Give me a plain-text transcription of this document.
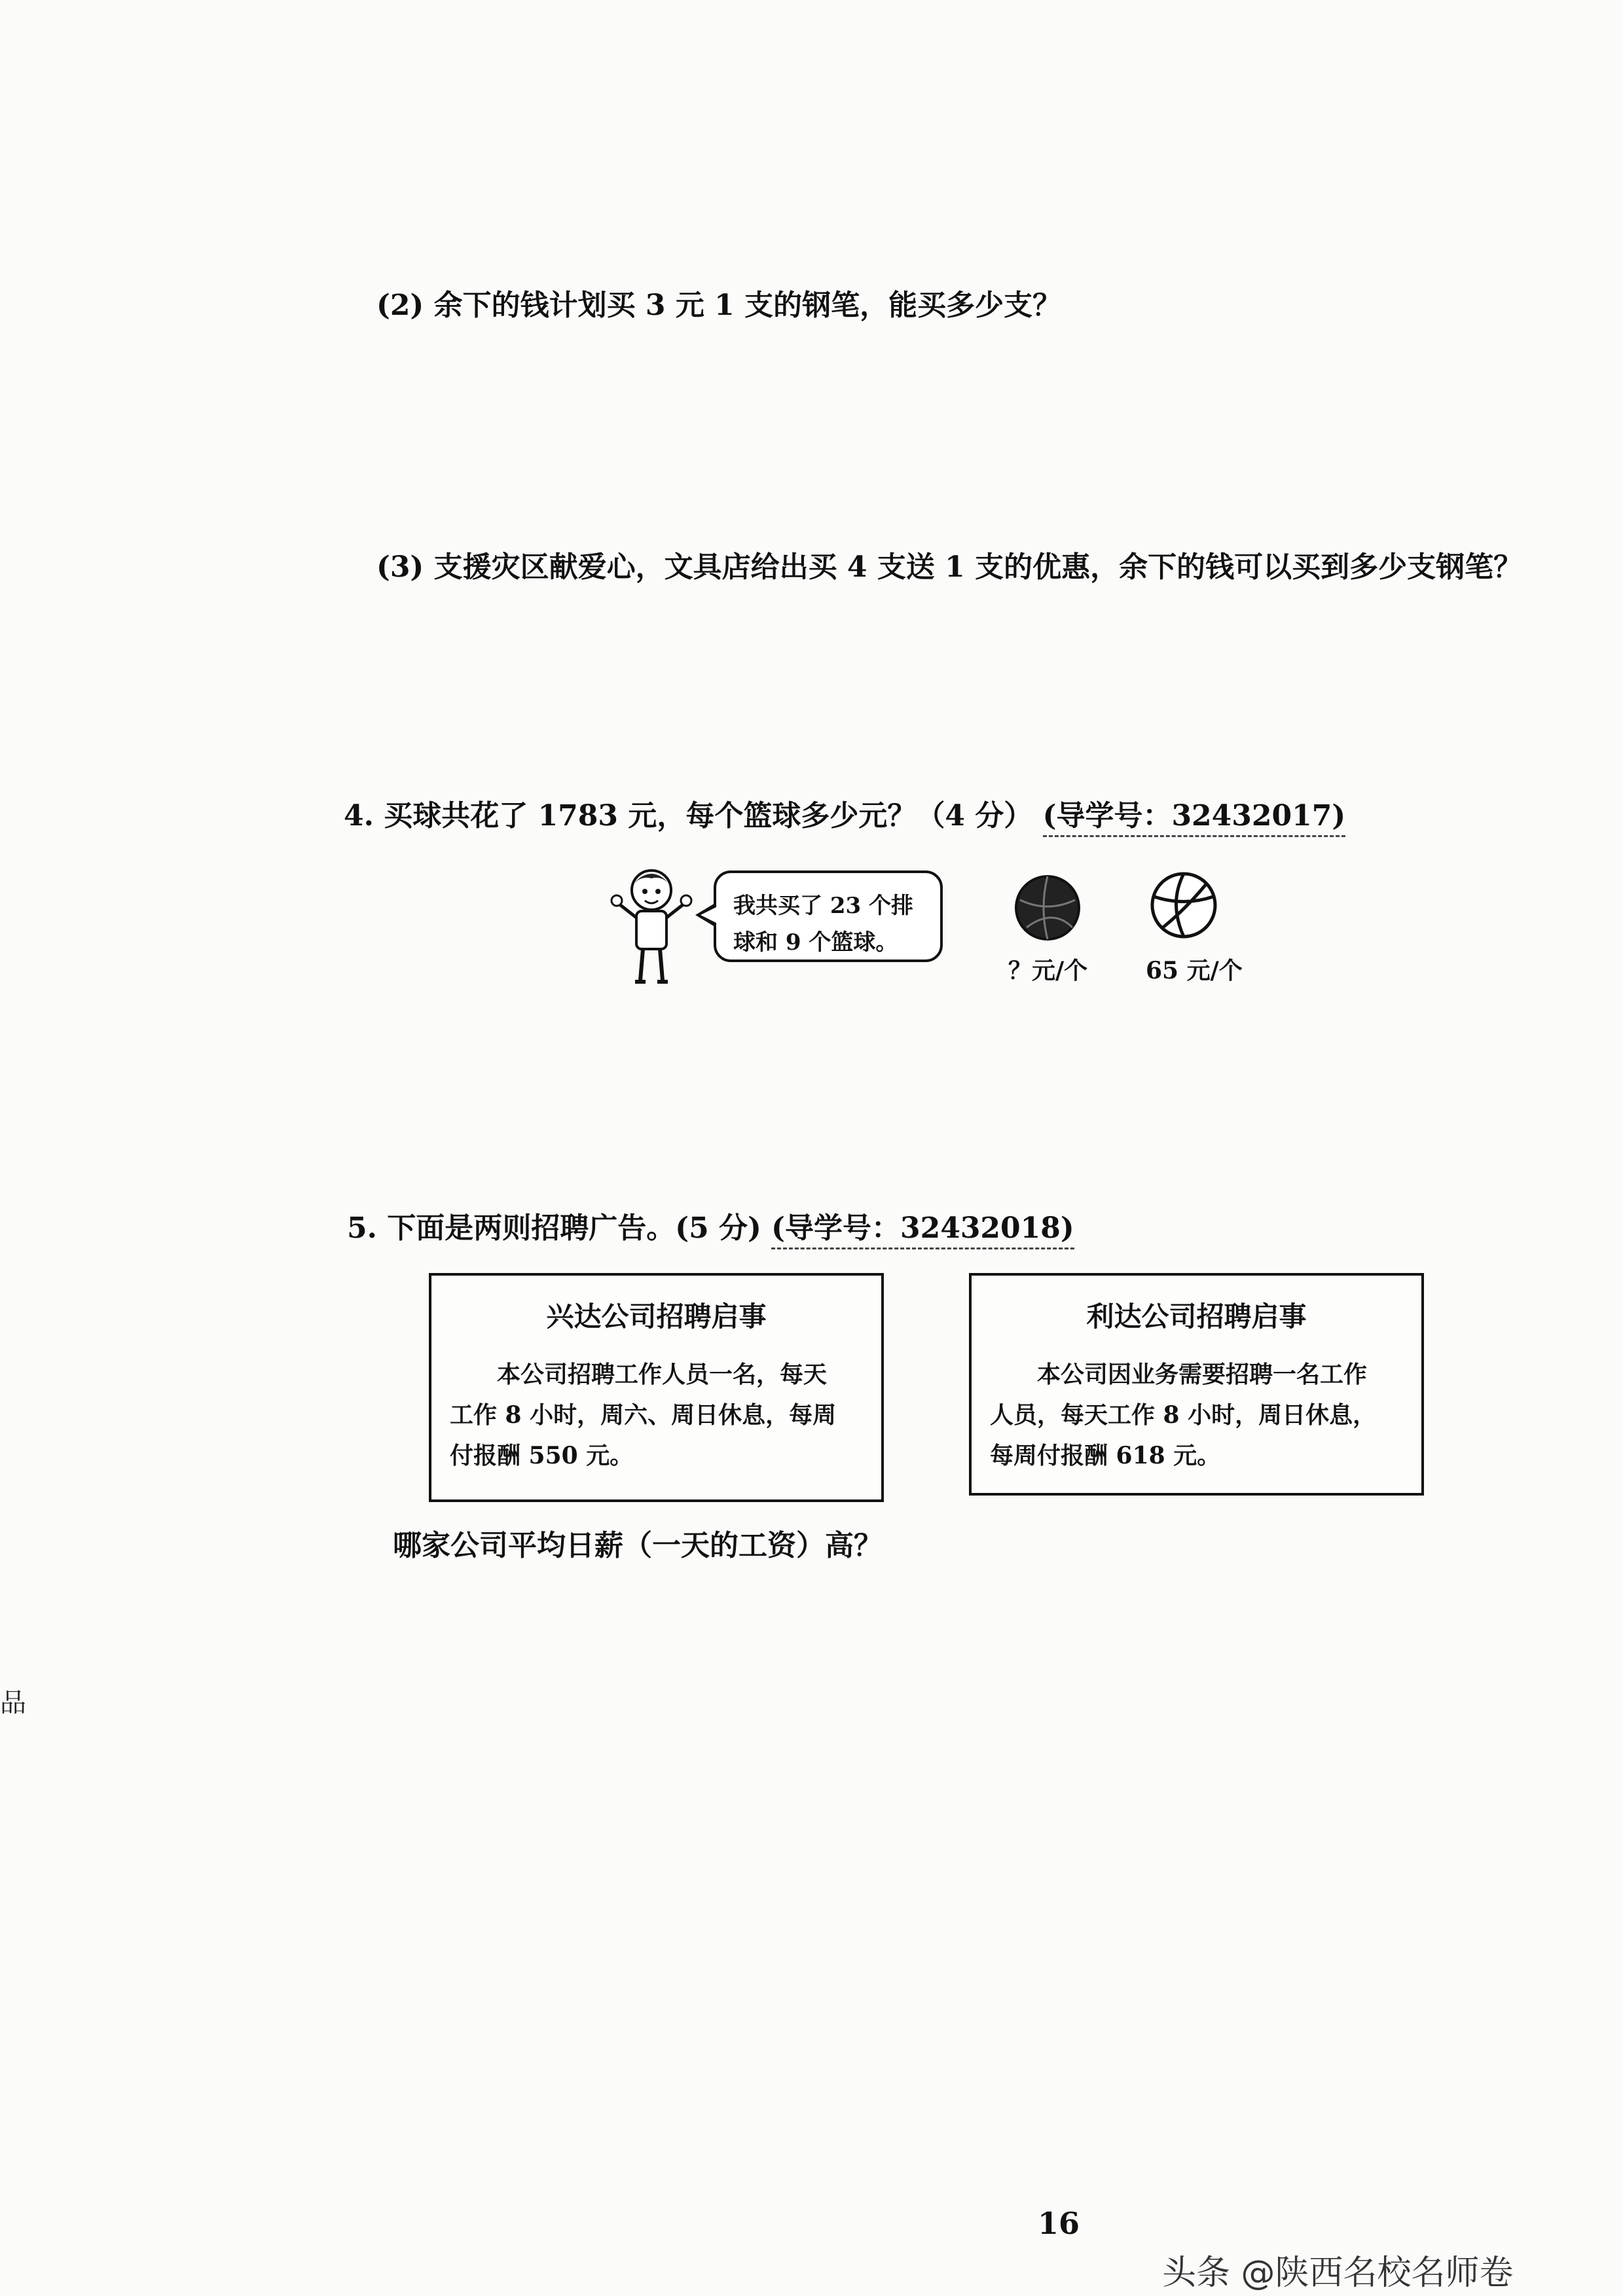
(2) 余下的钱计划买 3 元 1 支的钢笔，能买多少支？
(3) 支援灾区献爱心，文具店给出买 4 支送 1 支的优惠，余下的钱可以买到多少支钢笔？
4. 买球共花了 1783 元，每个篮球多少元？（4 分） (导学号：32432017)
我共买了 23 个排
球和 9 个篮球。
？元/个 65 元/个
5. 下面是两则招聘广告。(5 分) (导学号：32432018)
兴达公司招聘启事
本公司招聘工作人员一名，每天
工作 8 小时，周六、周日休息，每周
付报酬 550 元。
利达公司招聘启事
本公司因业务需要招聘一名工作
人员，每天工作 8 小时，周日休息，
每周付报酬 618 元。
哪家公司平均日薪（一天的工资）高？
品
16
头条 @陕西名校名师卷
